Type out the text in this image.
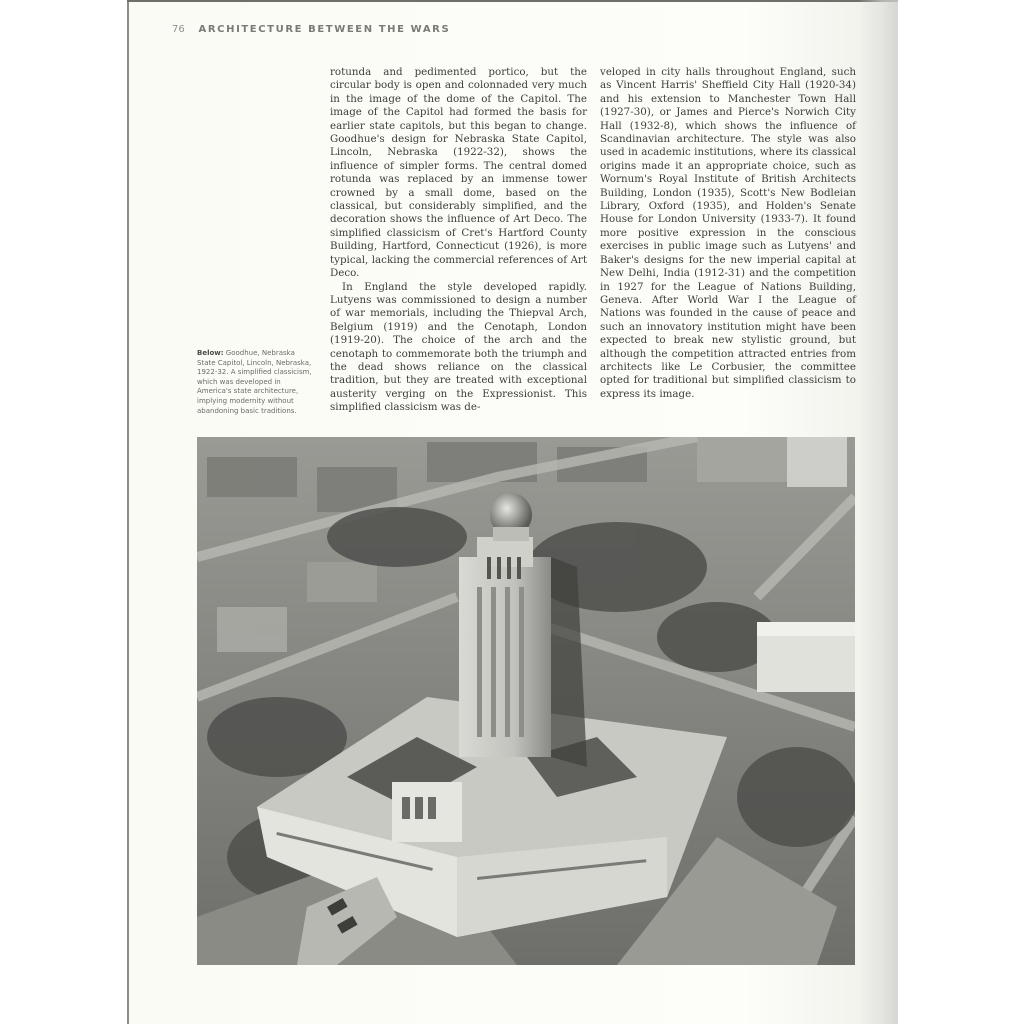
76 ARCHITECTURE BETWEEN THE WARS

rotunda and pedimented portico, but the circular body is open and colonnaded very much in the image of the dome of the Capitol. The image of the Capitol had formed the basis for earlier state capitols, but this began to change. Goodhue's design for Nebraska State Capitol, Lincoln, Nebraska (1922-32), shows the influence of simpler forms. The central domed rotunda was replaced by an immense tower crowned by a small dome, based on the classical, but considerably simplified, and the decoration shows the influence of Art Deco. The simplified classicism of Cret's Hartford County Building, Hartford, Connecticut (1926), is more typical, lacking the commercial references of Art Deco.

In England the style developed rapidly. Lutyens was commissioned to design a number of war memorials, including the Thiepval Arch, Belgium (1919) and the Cenotaph, London (1919-20). The choice of the arch and the cenotaph to commemorate both the triumph and the dead shows reliance on the classical tradition, but they are treated with exceptional austerity verging on the Expressionist. This simplified classicism was de-

veloped in city halls throughout England, such as Vincent Harris' Sheffield City Hall (1920-34) and his extension to Manchester Town Hall (1927-30), or James and Pierce's Norwich City Hall (1932-8), which shows the influence of Scandinavian architecture. The style was also used in academic institutions, where its classical origins made it an appropriate choice, such as Wornum's Royal Institute of British Architects Building, London (1935), Scott's New Bodleian Library, Oxford (1935), and Holden's Senate House for London University (1933-7). It found more positive expression in the conscious exercises in public image such as Lutyens' and Baker's designs for the new imperial capital at New Delhi, India (1912-31) and the competition in 1927 for the League of Nations Building, Geneva. After World War I the League of Nations was founded in the cause of peace and such an innovatory institution might have been expected to break new stylistic ground, but although the competition attracted entries from architects like Le Corbusier, the committee opted for traditional but simplified classicism to express its image.

Below: Goodhue, Nebraska State Capitol, Lincoln, Nebraska, 1922-32. A simplified classicism, which was developed in America's state architecture, implying modernity without abandoning basic traditions.
